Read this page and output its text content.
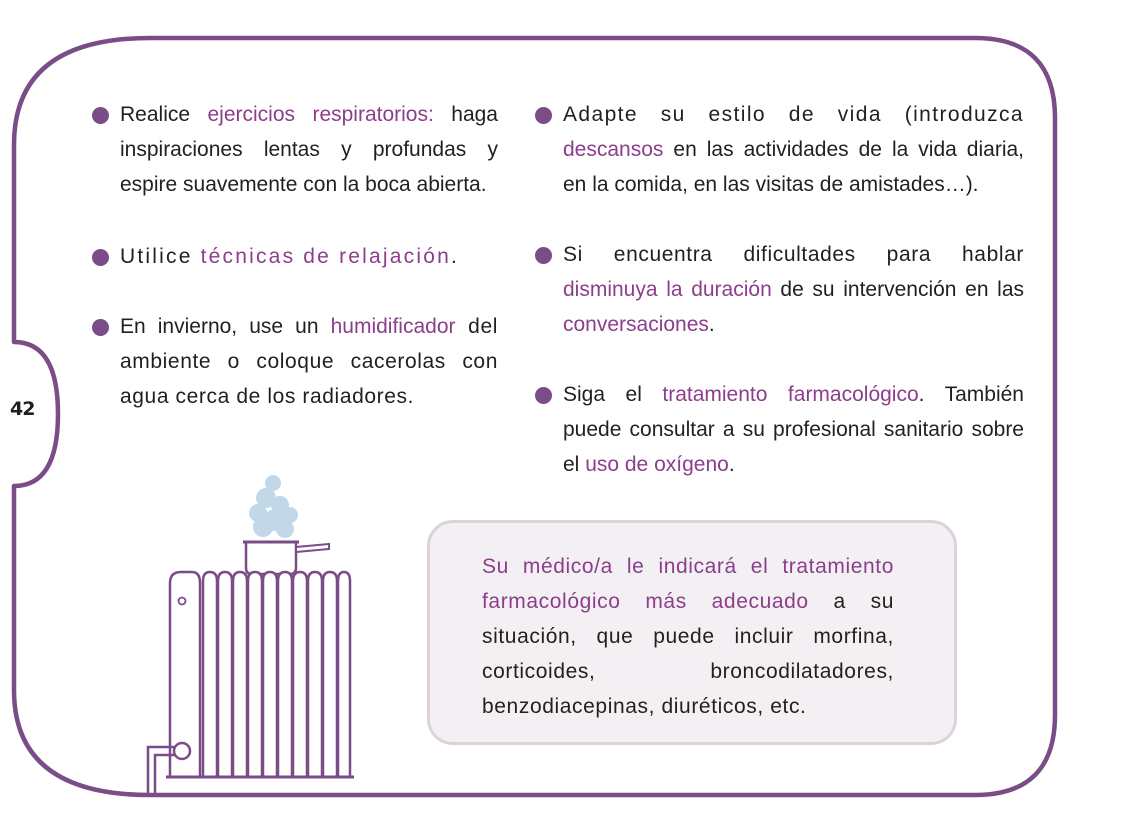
42
Realice ejercicios respiratorios: haga inspiraciones lentas y profundas y espire suavemente con la boca abierta.
Utilice técnicas de relajación.
En invierno, use un humidificador del ambiente o coloque cacerolas con agua cerca de los radiadores.
Adapte su estilo de vida (introduzca descansos en las actividades de la vida diaria, en la comida, en las visitas de amistades…).
Si encuentra dificultades para hablar disminuya la duración de su intervención en las conversaciones.
Siga el tratamiento farmacológico. También puede consultar a su profesional sanitario sobre el uso de oxígeno.
Su médico/a le indicará el tratamiento farmacológico más adecuado a su situación, que puede incluir morfina, corticoides, broncodilatadores, benzodiacepinas, diuréticos, etc.
